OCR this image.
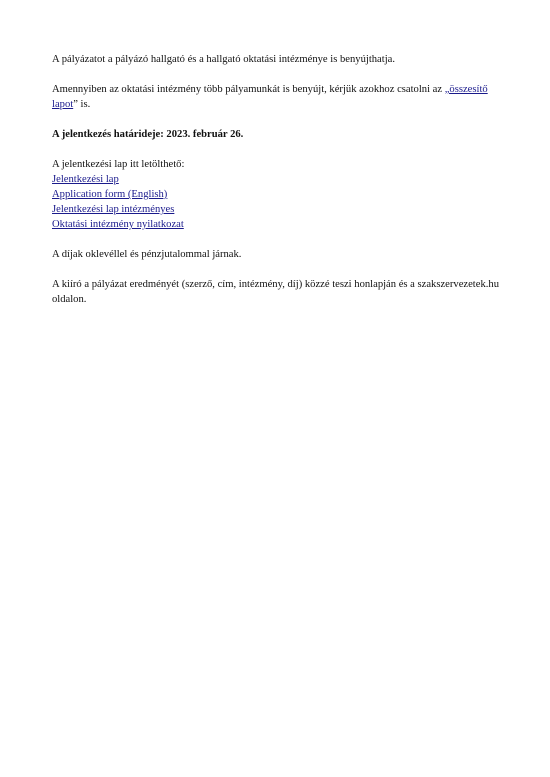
A pályázatot a pályázó hallgató és a hallgató oktatási intézménye is benyújthatja.

Amennyiben az oktatási intézmény több pályamunkát is benyújt, kérjük azokhoz csatolni az „összesítő lapot” is.

A jelentkezés határideje: 2023. február 26.

A jelentkezési lap itt letölthető:

Jelentkezési lap
Application form (English)
Jelentkezési lap intézményes
Oktatási intézmény nyilatkozat

A díjak oklevéllel és pénzjutalommal járnak.

A kiíró a pályázat eredményét (szerző, cím, intézmény, díj) közzé teszi honlapján és a szakszervezetek.hu oldalon.
